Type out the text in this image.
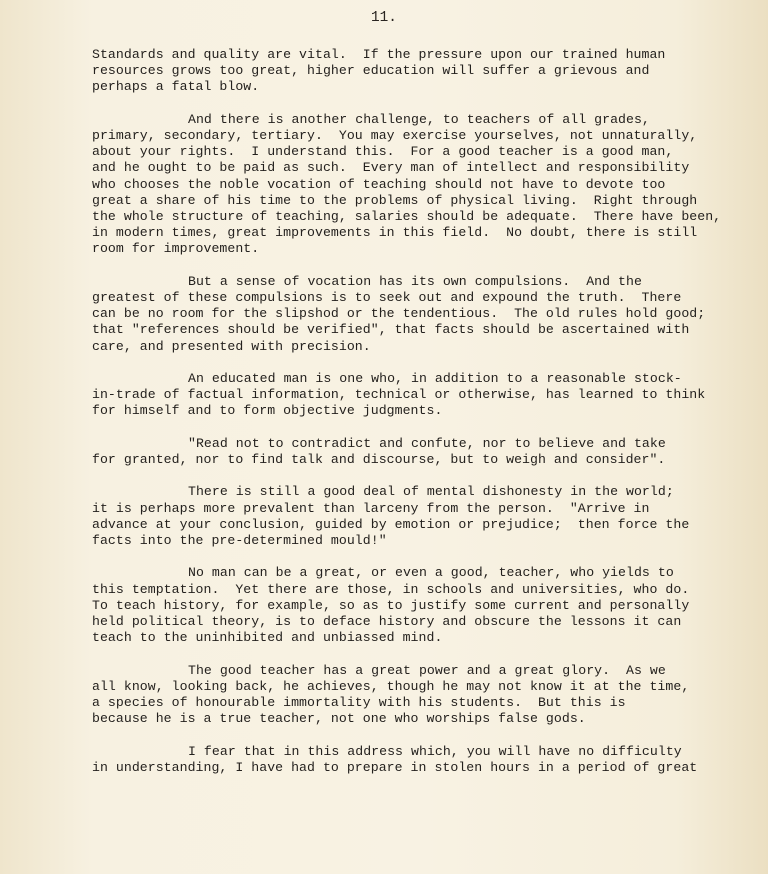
11.
Standards and quality are vital.  If the pressure upon our trained human
resources grows too great, higher education will suffer a grievous and
perhaps a fatal blow.
And there is another challenge, to teachers of all grades,
primary, secondary, tertiary.  You may exercise yourselves, not unnaturally,
about your rights.  I understand this.  For a good teacher is a good man,
and he ought to be paid as such.  Every man of intellect and responsibility
who chooses the noble vocation of teaching should not have to devote too
great a share of his time to the problems of physical living.  Right through
the whole structure of teaching, salaries should be adequate.  There have been,
in modern times, great improvements in this field.  No doubt, there is still
room for improvement.
But a sense of vocation has its own compulsions.  And the
greatest of these compulsions is to seek out and expound the truth.  There
can be no room for the slipshod or the tendentious.  The old rules hold good;
that "references should be verified", that facts should be ascertained with
care, and presented with precision.
An educated man is one who, in addition to a reasonable stock-
in-trade of factual information, technical or otherwise, has learned to think
for himself and to form objective judgments.
"Read not to contradict and confute, nor to believe and take
for granted, nor to find talk and discourse, but to weigh and consider".
There is still a good deal of mental dishonesty in the world;
it is perhaps more prevalent than larceny from the person.  "Arrive in
advance at your conclusion, guided by emotion or prejudice;  then force the
facts into the pre-determined mould!"
No man can be a great, or even a good, teacher, who yields to
this temptation.  Yet there are those, in schools and universities, who do.
To teach history, for example, so as to justify some current and personally
held political theory, is to deface history and obscure the lessons it can
teach to the uninhibited and unbiassed mind.
The good teacher has a great power and a great glory.  As we
all know, looking back, he achieves, though he may not know it at the time,
a species of honourable immortality with his students.  But this is
because he is a true teacher, not one who worships false gods.
I fear that in this address which, you will have no difficulty
in understanding, I have had to prepare in stolen hours in a period of great
